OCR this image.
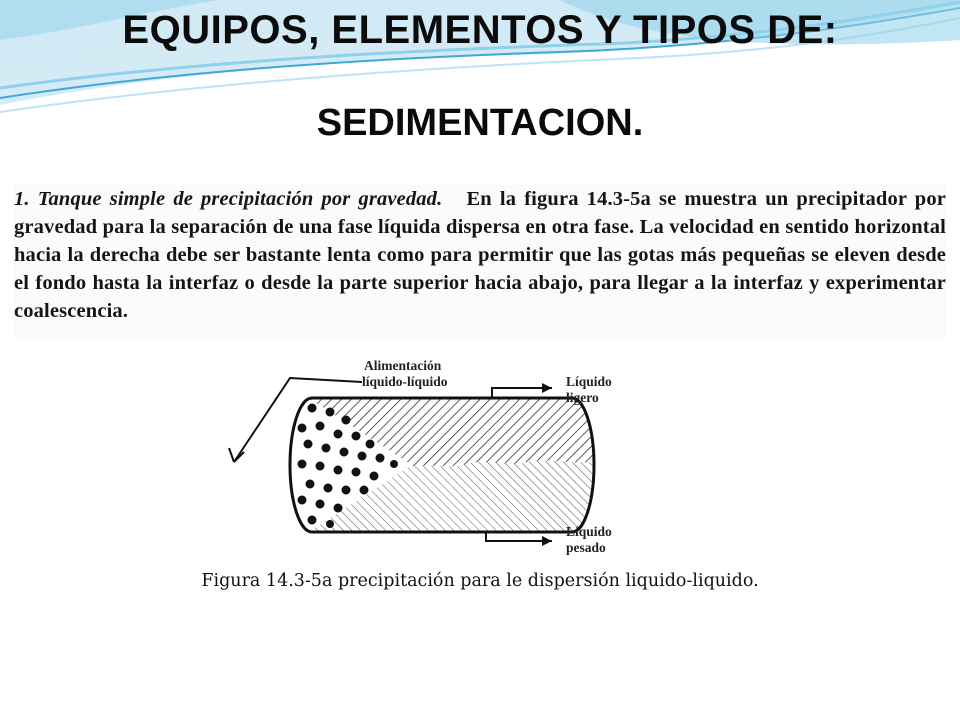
EQUIPOS, ELEMENTOS Y TIPOS DE:
SEDIMENTACION.

1. Tanque simple de precipitación por gravedad. En la figura 14.3-5a se muestra un precipitador por gravedad para la separación de una fase líquida dispersa en otra fase. La velocidad en sentido horizontal hacia la derecha debe ser bastante lenta como para permitir que las gotas más pequeñas se eleven desde el fondo hasta la interfaz o desde la parte superior hacia abajo, para llegar a la interfaz y experimentar coalescencia.

Alimentación
líquido-líquido	Líquido
ligero
Líquido
pesado
Figura 14.3-5a precipitación para le dispersión liquido-liquido.
